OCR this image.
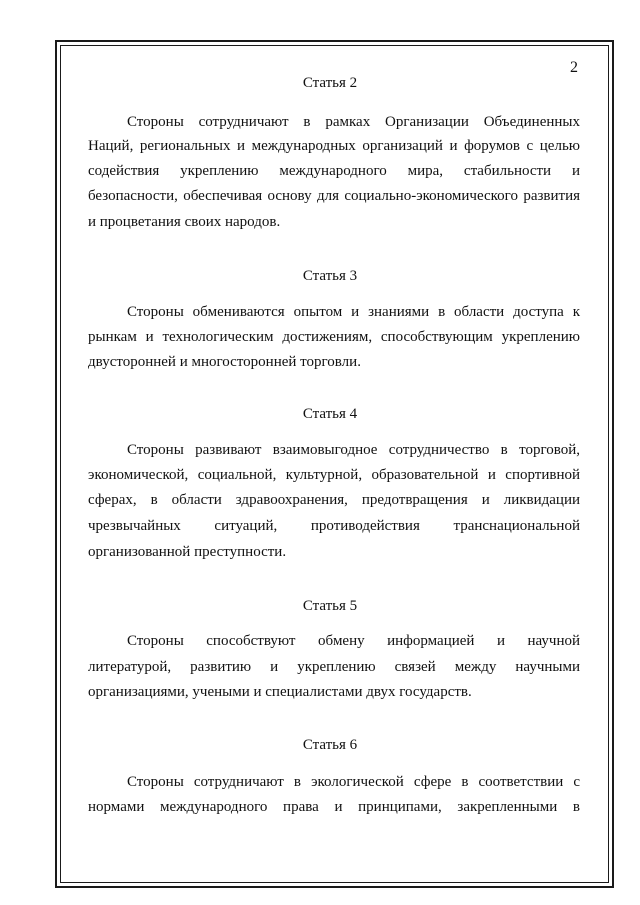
2
Статья 2
Стороны сотрудничают в рамках Организации Объединенных
Наций, региональных и международных организаций и форумов с целью
содействия укреплению международного мира, стабильности и
безопасности, обеспечивая основу для социально-экономического развития
и процветания своих народов.
Статья 3
Стороны обмениваются опытом и знаниями в области доступа к
рынкам и технологическим достижениям, способствующим укреплению
двусторонней и многосторонней торговли.
Статья 4
Стороны развивают взаимовыгодное сотрудничество в торговой,
экономической, социальной, культурной, образовательной и спортивной
сферах, в области здравоохранения, предотвращения и ликвидации
чрезвычайных ситуаций, противодействия транснациональной
организованной преступности.
Статья 5
Стороны способствуют обмену информацией и научной
литературой, развитию и укреплению связей между научными
организациями, учеными и специалистами двух государств.
Статья 6
Стороны сотрудничают в экологической сфере в соответствии с
нормами международного права и принципами, закрепленными в
